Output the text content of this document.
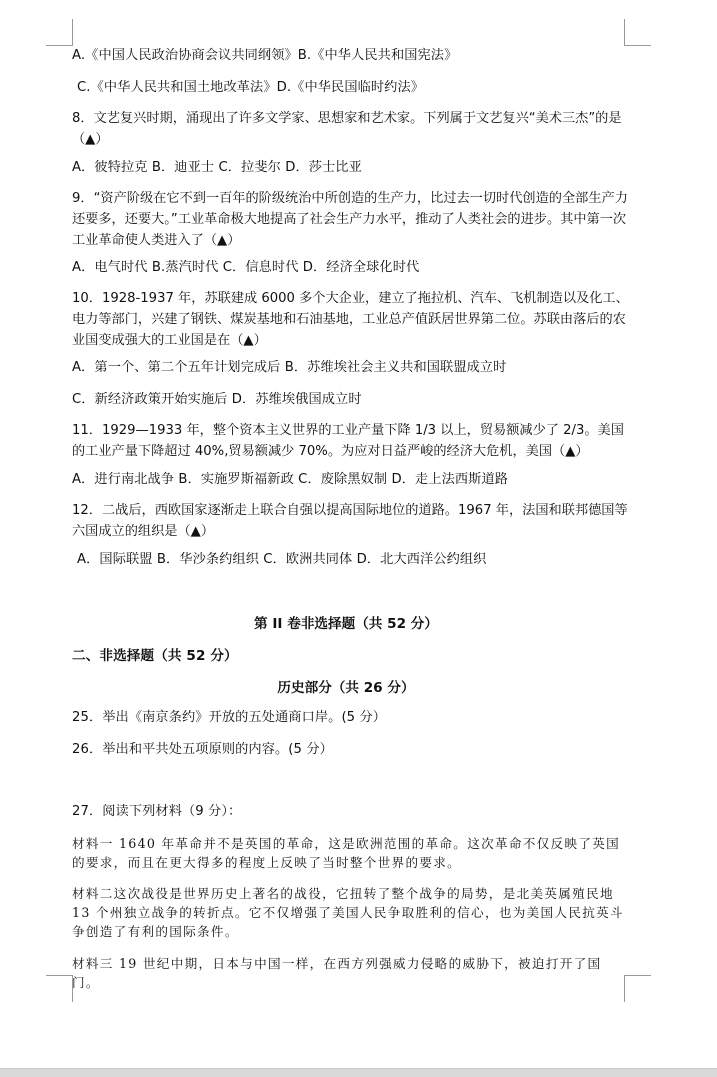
A.《中国人民政治协商会议共同纲领》B.《中华人民共和国宪法》
C.《中华人民共和国土地改革法》D.《中华民国临时约法》
8．文艺复兴时期，涌现出了许多文学家、思想家和艺术家。下列属于文艺复兴“美术三杰”的是（▲）
A．彼特拉克 B．迪亚士 C．拉斐尔 D．莎士比亚
9．“资产阶级在它不到一百年的阶级统治中所创造的生产力，比过去一切时代创造的全部生产力还要多，还要大。”工业革命极大地提高了社会生产力水平，推动了人类社会的进步。其中第一次工业革命使人类进入了（▲）
A．电气时代 B.蒸汽时代 C．信息时代 D．经济全球化时代
10．1928-1937 年，苏联建成 6000 多个大企业，建立了拖拉机、汽车、飞机制造以及化工、电力等部门，兴建了钢铁、煤炭基地和石油基地，工业总产值跃居世界第二位。苏联由落后的农业国变成强大的工业国是在（▲）
A．第一个、第二个五年计划完成后 B．苏维埃社会主义共和国联盟成立时
C．新经济政策开始实施后 D．苏维埃俄国成立时
11．1929—1933 年，整个资本主义世界的工业产量下降 1/3 以上，贸易额减少了 2/3。美国的工业产量下降超过 40%,贸易额减少 70%。为应对日益严峻的经济大危机，美国（▲）
A．进行南北战争 B．实施罗斯福新政 C．废除黑奴制 D．走上法西斯道路
12．二战后，西欧国家逐渐走上联合自强以提高国际地位的道路。1967 年，法国和联邦德国等六国成立的组织是（▲）
A．国际联盟 B．华沙条约组织 C．欧洲共同体 D．北大西洋公约组织
第 II 卷非选择题（共 52 分）
二、非选择题（共 52 分）
历史部分（共 26 分）
25．举出《南京条约》开放的五处通商口岸。(5 分）
26．举出和平共处五项原则的内容。(5 分）
27．阅读下列材料（9 分）：
材料一 1640 年革命并不是英国的革命，这是欧洲范围的革命。这次革命不仅反映了英国的要求，而且在更大得多的程度上反映了当时整个世界的要求。
材料二这次战役是世界历史上著名的战役，它扭转了整个战争的局势，是北美英属殖民地13 个州独立战争的转折点。它不仅增强了美国人民争取胜利的信心，也为美国人民抗英斗争创造了有利的国际条件。
材料三 19 世纪中期，日本与中国一样，在西方列强威力侵略的威胁下，被迫打开了国门。
